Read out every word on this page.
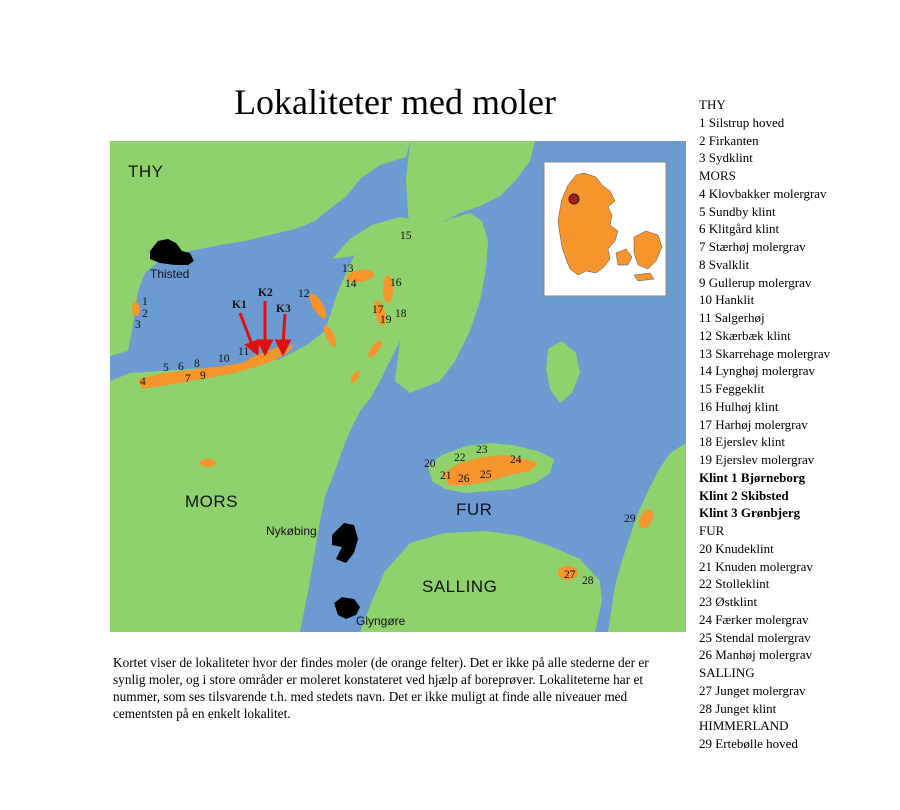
Lokaliteter med moler
THY
MORS	FUR
SALLING
Thisted
Nykøbing
Glyngøre
K1
K2
K3
1
2
3
4
5 6
7
8
9
10
11
12
13
14
15
16
17 18
19
20
21
22
23
24
25
26
27 28
29
Kortet viser de lokaliteter hvor der findes moler (de orange felter). Det er ikke på alle stederne der er synlig moler, og i store områder er moleret konstateret ved hjælp af boreprøver. Lokaliteterne har et nummer, som ses tilsvarende t.h. med stedets navn. Det er ikke muligt at finde alle niveauer med cementsten på en enkelt lokalitet.
THY
1 Silstrup hoved
2 Firkanten
3 Sydklint
MORS
4 Klovbakker molergrav
5 Sundby klint
6 Klitgård klint
7 Stærhøj molergrav
8 Svalklit
9 Gullerup molergrav
10 Hanklit
11 Salgerhøj
12 Skærbæk klint
13 Skarrehage molergrav
14 Lynghøj molergrav
15 Feggeklit
16 Hulhøj klint
17 Harhøj molergrav
18 Ejerslev klint
19 Ejerslev molergrav
Klint 1 Bjørneborg
Klint 2 Skibsted
Klint 3 Grønbjerg
FUR
20 Knudeklint
21 Knuden molergrav
22 Stolleklint
23 Østklint
24 Færker molergrav
25 Stendal molergrav
26 Manhøj molergrav
SALLING
27 Junget molergrav
28 Junget klint
HIMMERLAND
29 Ertebølle hoved
